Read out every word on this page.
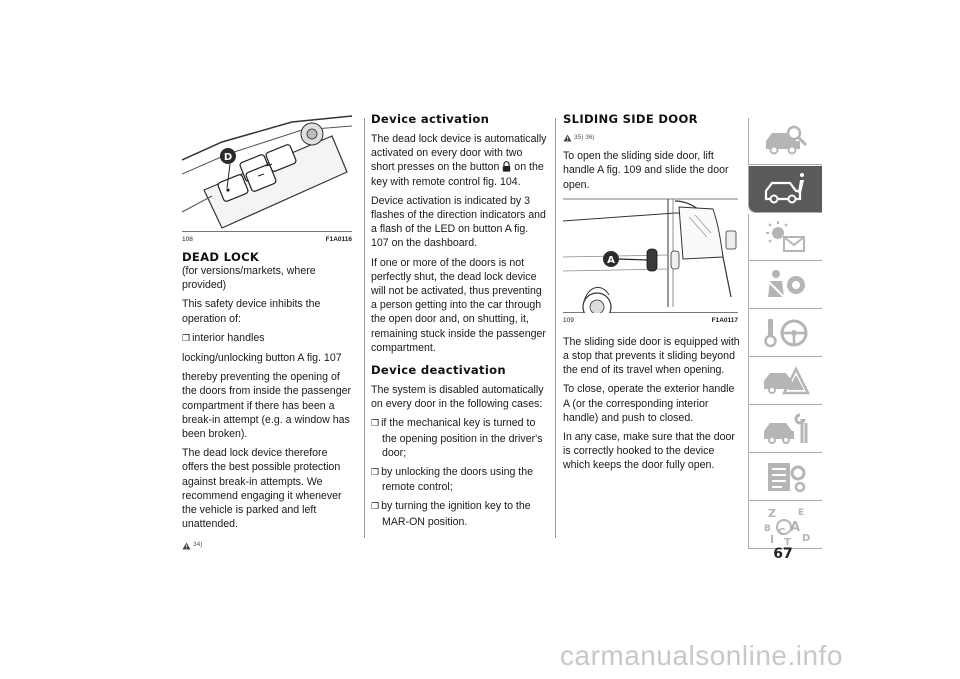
D
108	F1A0116
DEAD LOCK

(for versions/markets, where provided)

This safety device inhibits the operation of:

❒ interior handles

locking/unlocking button A fig. 107

thereby preventing the opening of the doors from inside the passenger compartment if there has been a break-in attempt (e.g. a window has been broken).

The dead lock device therefore offers the best possible protection against break-in attempts. We recommend engaging it whenever the vehicle is parked and left unattended.

34)
Device activation

The dead lock device is automatically activated on every door with two short presses on the button on the key with remote control fig. 104.

Device activation is indicated by 3 flashes of the direction indicators and a flash of the LED on button A fig. 107 on the dashboard.

If one or more of the doors is not perfectly shut, the dead lock device will not be activated, thus preventing a person getting into the car through the open door and, on shutting, it, remaining stuck inside the passenger compartment.

Device deactivation

The system is disabled automatically on every door in the following cases:

❒ if the mechanical key is turned to the opening position in the driver's door;

❒ by unlocking the doors using the remote control;

❒ by turning the ignition key to the MAR-ON position.

SLIDING SIDE DOOR
35) 36)

To open the sliding side door, lift handle A fig. 109 and slide the door open.

A
109	F1A0117

The sliding side door is equipped with a stop that prevents it sliding beyond the end of its travel when opening.

To close, operate the exterior handle A (or the corresponding interior handle) and push to closed.

In any case, make sure that the door is correctly hooked to the device which keeps the door fully open.

Z E
B A
I
C
T D
67
carmanualsonline.info
